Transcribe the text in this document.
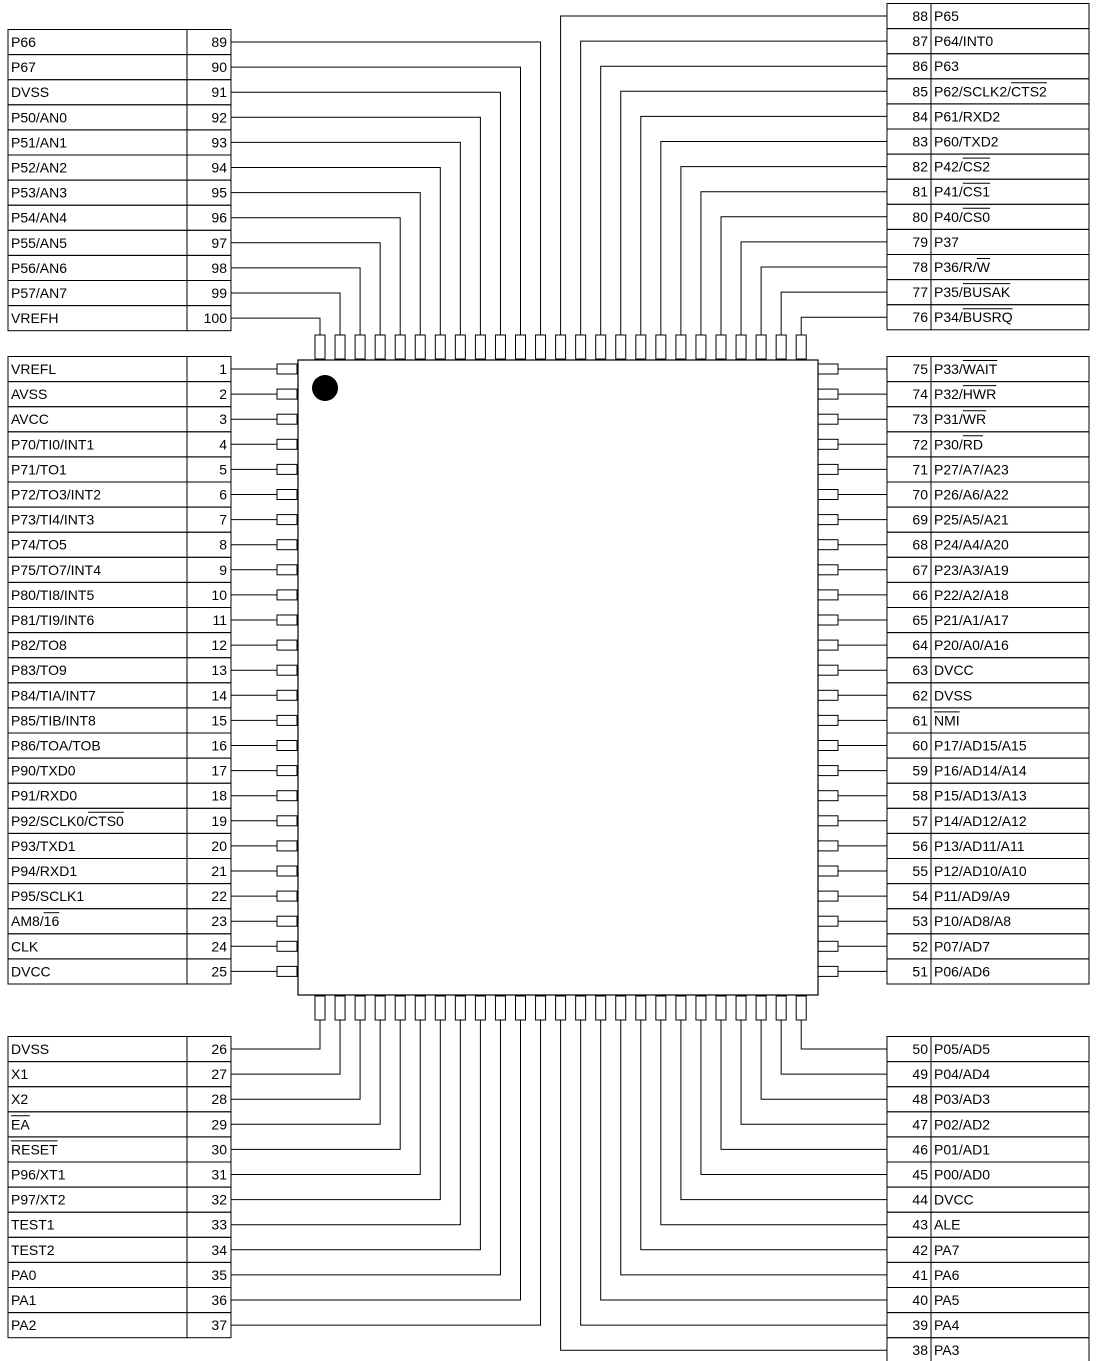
89
P66
90
P67
91
DVSS
92
P50/AN0
93
P51/AN1
94
P52/AN2
95
P53/AN3
96
P54/AN4
97
P55/AN5
98
P56/AN6
99
P57/AN7
100
VREFH
88 P65
87 P64/INT0
86 P63
85 P62/SCLK2/CTS2
84 P61/RXD2
83 P60/TXD2
82 P42/CS2
81 P41/CS1
80 P40/CS0
79 P37
78 P36/R/W
77 P35/BUSAK
76 P34/BUSRQ
1
VREFL
2
AVSS
3
AVCC
4
P70/TI0/INT1
5
P71/TO1
6
P72/TO3/INT2
7
P73/TI4/INT3
8
P74/TO5
9
P75/TO7/INT4
10
P80/TI8/INT5
11
P81/TI9/INT6
12
P82/TO8
13
P83/TO9
14
P84/TIA/INT7
15
P85/TIB/INT8
16
P86/TOA/TOB
17
P90/TXD0
18
P91/RXD0
19
P92/SCLK0/CTS0
20
P93/TXD1
21
P94/RXD1
22
P95/SCLK1
23
AM8/16
24
CLK
25
DVCC
75 P33/WAIT
74 P32/HWR
73 P31/WR
72 P30/RD
71 P27/A7/A23
70 P26/A6/A22
69 P25/A5/A21
68 P24/A4/A20
67 P23/A3/A19
66 P22/A2/A18
65 P21/A1/A17
64 P20/A0/A16
63 DVCC
62 DVSS
61 NMI
60 P17/AD15/A15
59 P16/AD14/A14
58 P15/AD13/A13
57 P14/AD12/A12
56 P13/AD11/A11
55 P12/AD10/A10
54 P11/AD9/A9
53 P10/AD8/A8
52 P07/AD7
51 P06/AD6
26
DVSS
27
X1
28
X2
29
EA
30
RESET
31
P96/XT1
32
P97/XT2
33
TEST1
34
TEST2
35
PA0
36
PA1
37
PA2
50 P05/AD5
49 P04/AD4
48 P03/AD3
47 P02/AD2
46 P01/AD1
45 P00/AD0
44 DVCC
43 ALE
42 PA7
41 PA6
40 PA5
39 PA4
38 PA3
